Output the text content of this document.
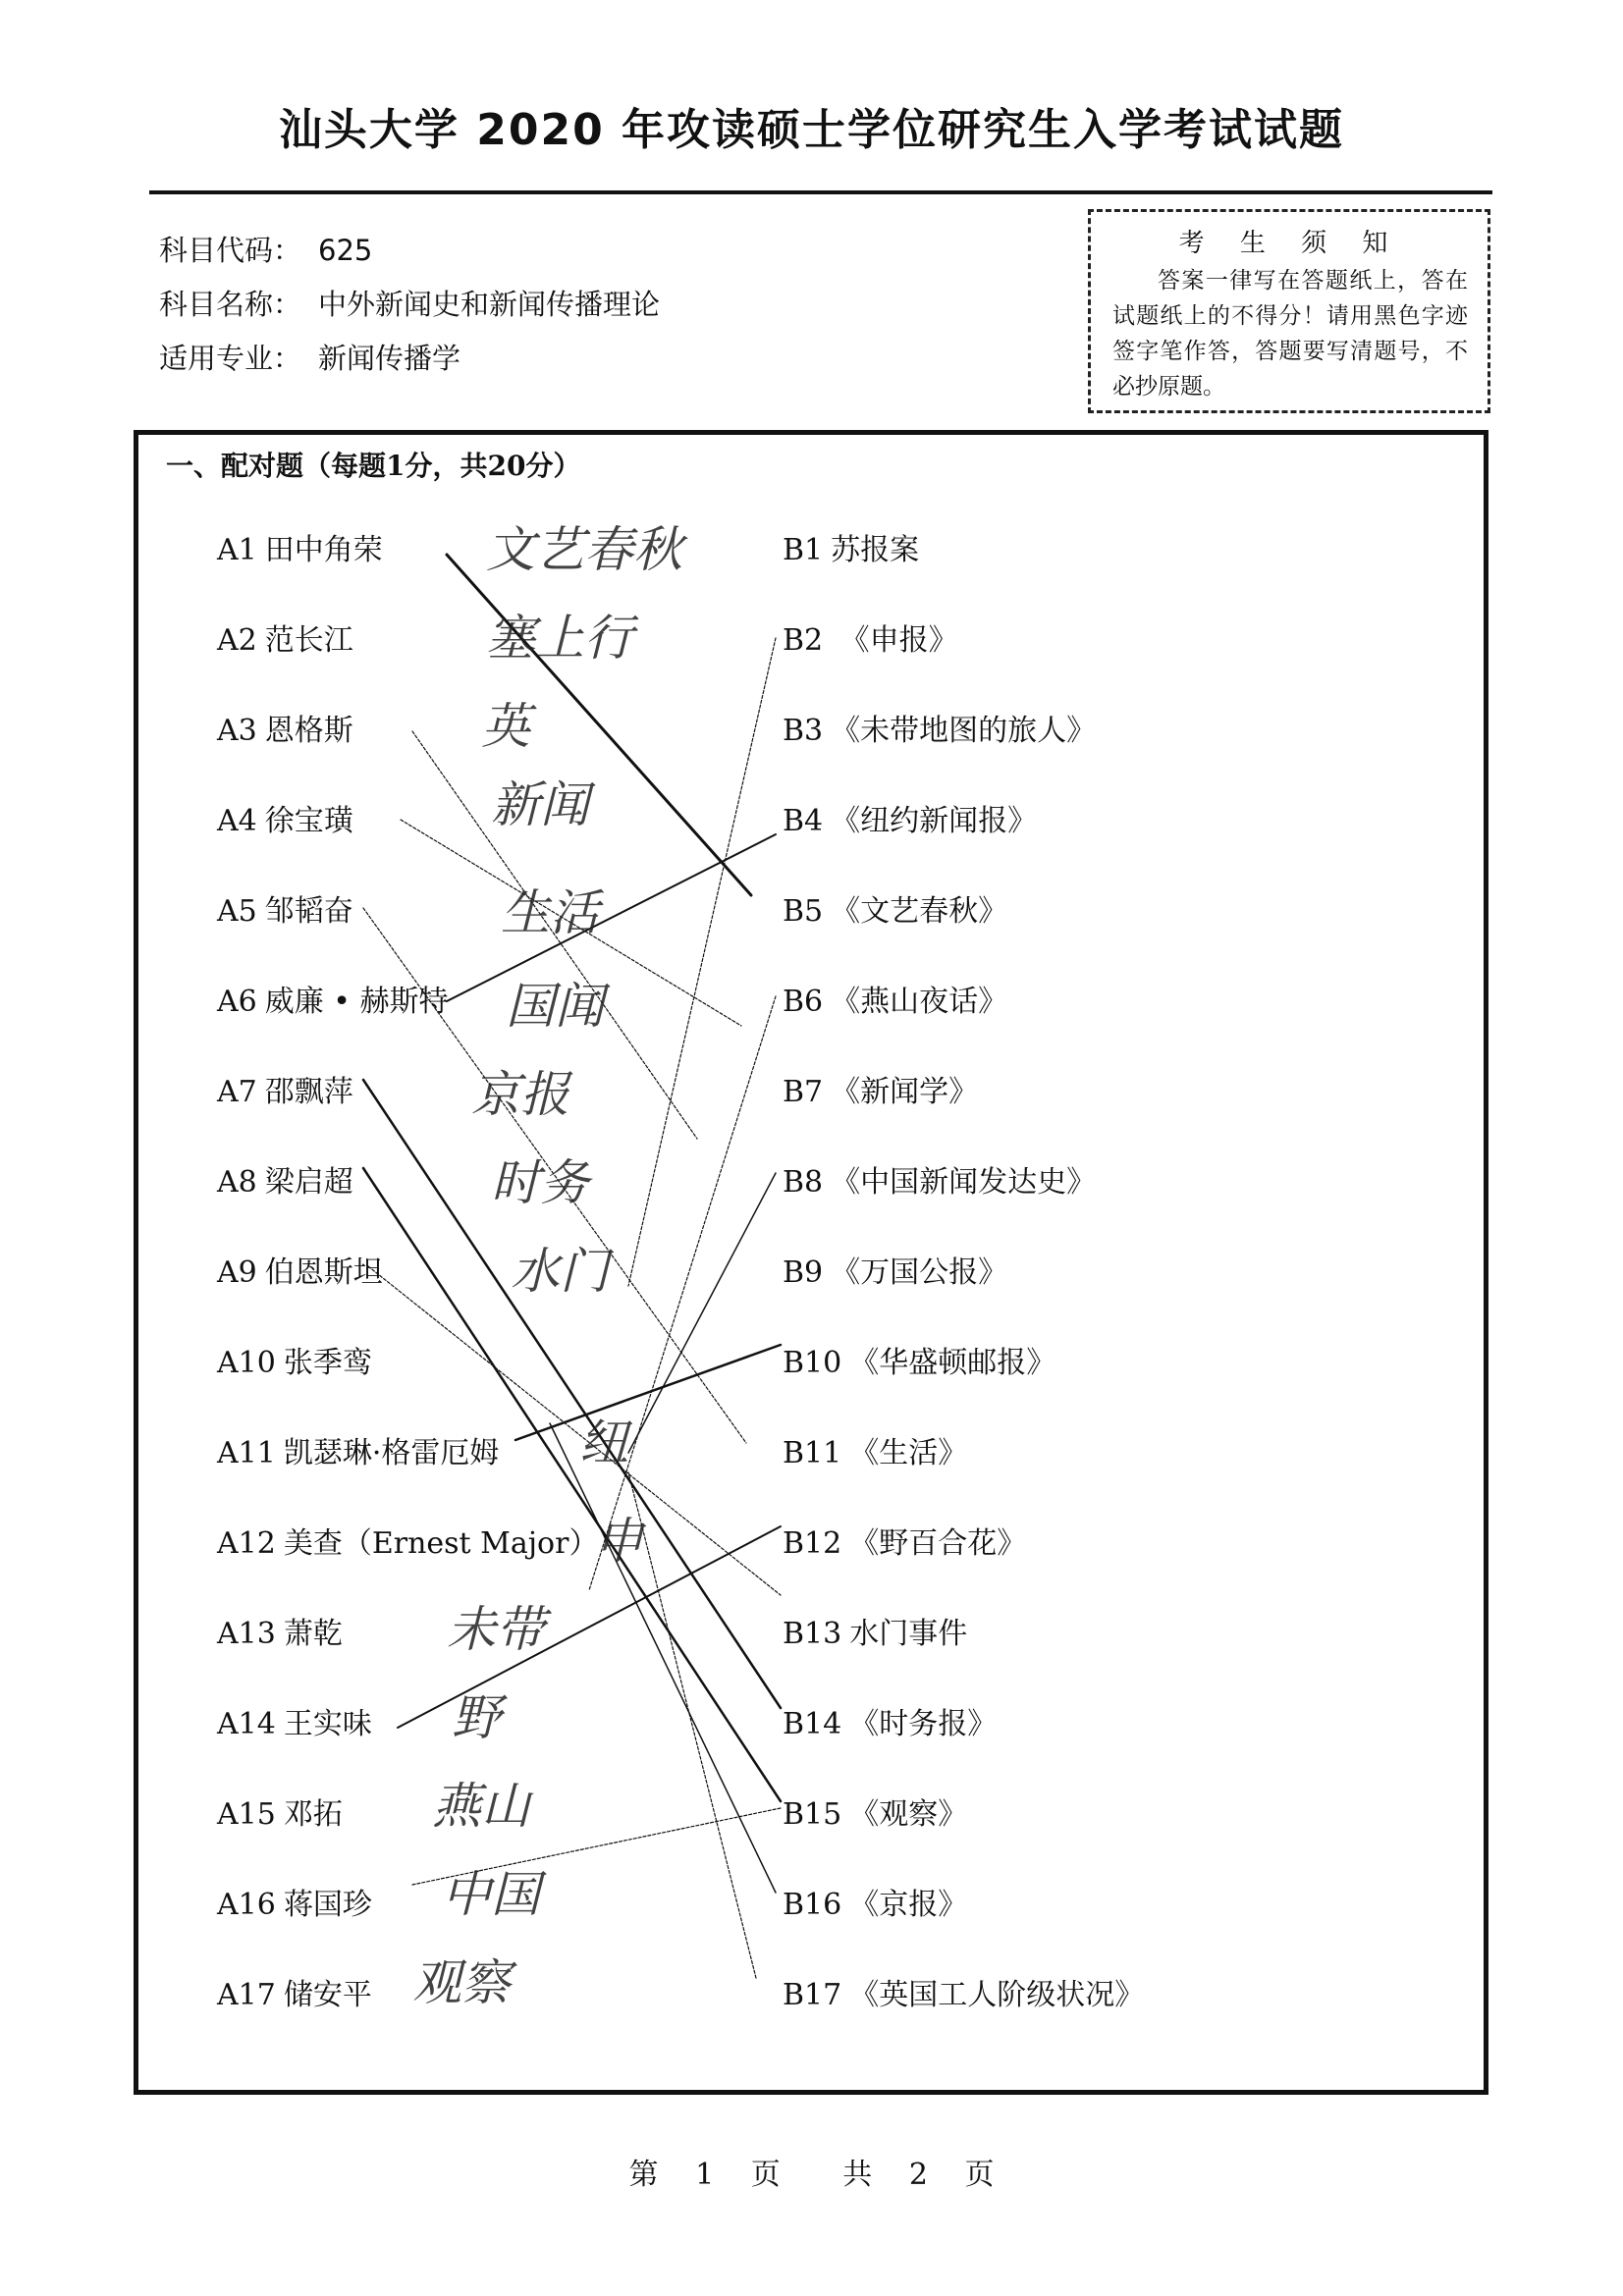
汕头大学 2020 年攻读硕士学位研究生入学考试试题
科目代码： 625
科目名称： 中外新闻史和新闻传播理论
适用专业： 新闻传播学
考 生 须 知
答案一律写在答题纸上，答在试题纸上的不得分！请用黑色字迹签字笔作答，答题要写清题号，不必抄原题。
一、配对题（每题1分，共20分）
A1 田中角荣
A2 范长江
A3 恩格斯
A4 徐宝璜
A5 邹韬奋
A6 威廉 • 赫斯特
A7 邵飘萍
A8 梁启超
A9 伯恩斯坦
A10 张季鸾
A11 凯瑟琳·格雷厄姆
A12 美查（Ernest Major）
A13 萧乾
A14 王实味
A15 邓拓
A16 蒋国珍
A17 储安平
B1 苏报案
B2 《申报》
B3 《未带地图的旅人》
B4 《纽约新闻报》
B5 《文艺春秋》
B6 《燕山夜话》
B7 《新闻学》
B8 《中国新闻发达史》
B9 《万国公报》
B10 《华盛顿邮报》
B11 《生活》
B12 《野百合花》
B13 水门事件
B14 《时务报》
B15 《观察》
B16 《京报》
B17 《英国工人阶级状况》
文艺春秋
塞上行
英
新闻
生活
国闻
京报
时务
水门
纽
申
未带
野
燕山
中国
观察
第 1 页 共 2 页
